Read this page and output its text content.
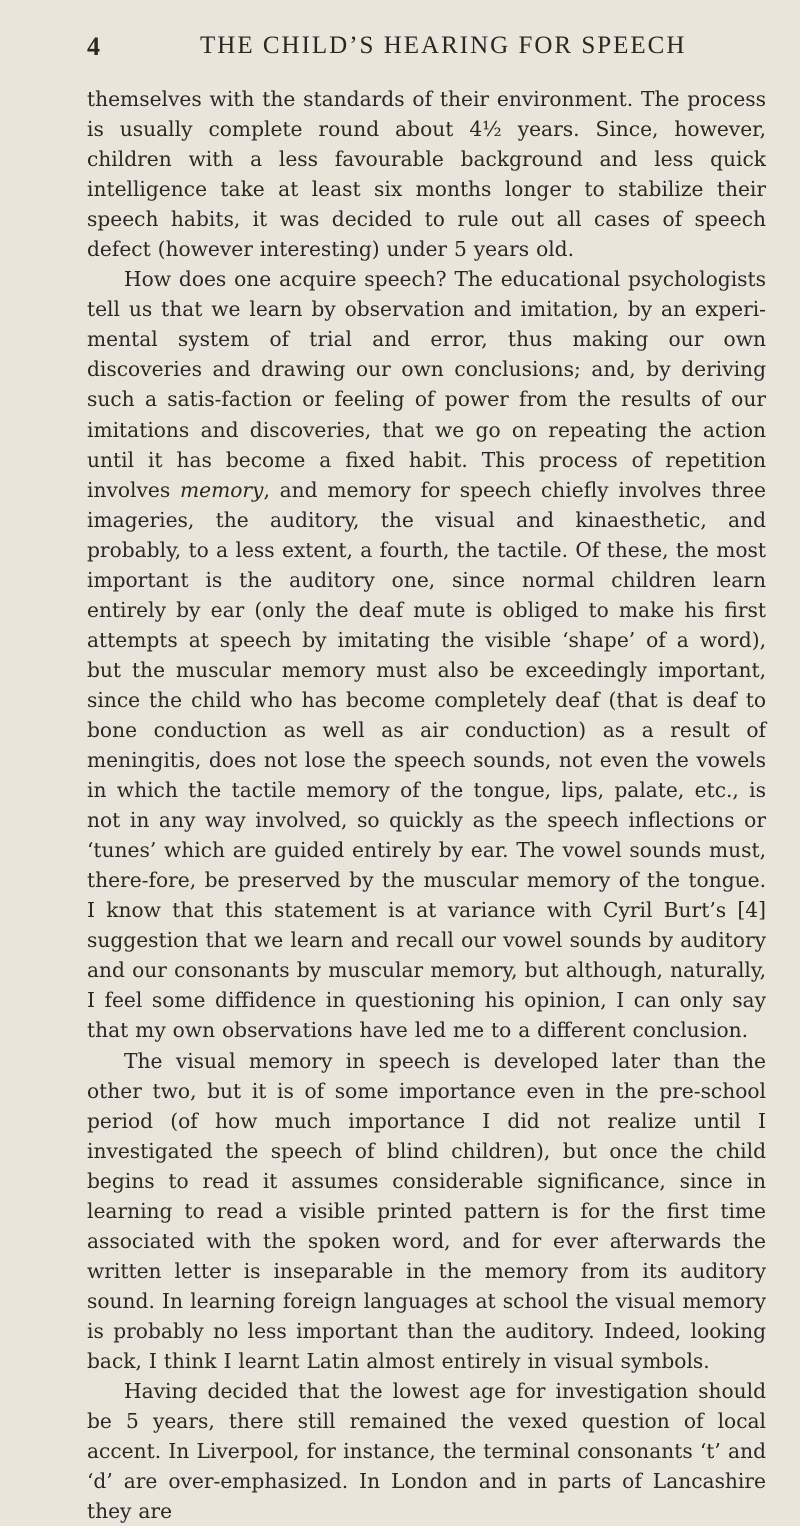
4	THE CHILD’S HEARING FOR SPEECH

themselves with the standards of their environment. The process is usually complete round about 4½ years. Since, however, children with a less favourable background and less quick intelligence take at least six months longer to stabilize their speech habits, it was decided to rule out all cases of speech defect (however interesting) under 5 years old.

How does one acquire speech? The educational psychologists tell us that we learn by observation and imitation, by an experi-mental system of trial and error, thus making our own discoveries and drawing our own conclusions; and, by deriving such a satis-faction or feeling of power from the results of our imitations and discoveries, that we go on repeating the action until it has become a fixed habit. This process of repetition involves memory, and memory for speech chiefly involves three imageries, the auditory, the visual and kinaesthetic, and probably, to a less extent, a fourth, the tactile. Of these, the most important is the auditory one, since normal children learn entirely by ear (only the deaf mute is obliged to make his first attempts at speech by imitating the visible ‘shape’ of a word), but the muscular memory must also be exceedingly important, since the child who has become completely deaf (that is deaf to bone conduction as well as air conduction) as a result of meningitis, does not lose the speech sounds, not even the vowels in which the tactile memory of the tongue, lips, palate, etc., is not in any way involved, so quickly as the speech inflections or ‘tunes’ which are guided entirely by ear. The vowel sounds must, there-fore, be preserved by the muscular memory of the tongue. I know that this statement is at variance with Cyril Burt’s [4] suggestion that we learn and recall our vowel sounds by auditory and our consonants by muscular memory, but although, naturally, I feel some diffidence in questioning his opinion, I can only say that my own observations have led me to a different conclusion.

The visual memory in speech is developed later than the other two, but it is of some importance even in the pre-school period (of how much importance I did not realize until I investigated the speech of blind children), but once the child begins to read it assumes considerable significance, since in learning to read a visible printed pattern is for the first time associated with the spoken word, and for ever afterwards the written letter is inseparable in the memory from its auditory sound. In learning foreign languages at school the visual memory is probably no less important than the auditory. Indeed, looking back, I think I learnt Latin almost entirely in visual symbols.

Having decided that the lowest age for investigation should be 5 years, there still remained the vexed question of local accent. In Liverpool, for instance, the terminal consonants ‘t’ and ‘d’ are over-emphasized. In London and in parts of Lancashire they are
